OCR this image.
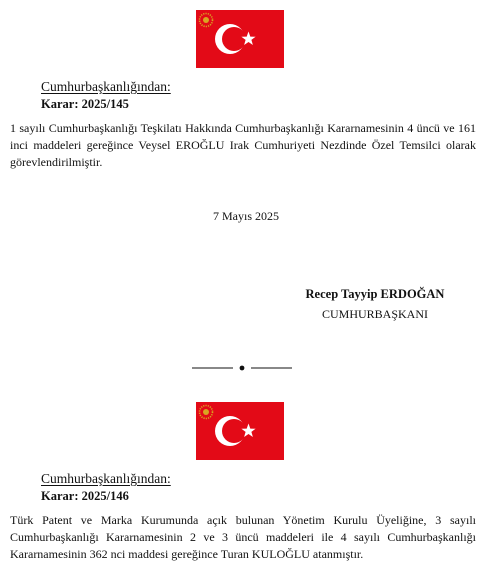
Cumhurbaşkanlığından:
Karar: 2025/145
1 sayılı Cumhurbaşkanlığı Teşkilatı Hakkında Cumhurbaşkanlığı Kararnamesinin 4 üncü ve 161 inci maddeleri gereğince Veysel EROĞLU Irak Cumhuriyeti Nezdinde Özel Temsilci olarak görevlendirilmiştir.
7 Mayıs 2025
Recep Tayyip ERDOĞAN
CUMHURBAŞKANI
Cumhurbaşkanlığından:
Karar: 2025/146
Türk Patent ve Marka Kurumunda açık bulunan Yönetim Kurulu Üyeliğine, 3 sayılı Cumhurbaşkanlığı Kararnamesinin 2 ve 3 üncü maddeleri ile 4 sayılı Cumhurbaşkanlığı Kararnamesinin 362 nci maddesi gereğince Turan KULOĞLU atanmıştır.
